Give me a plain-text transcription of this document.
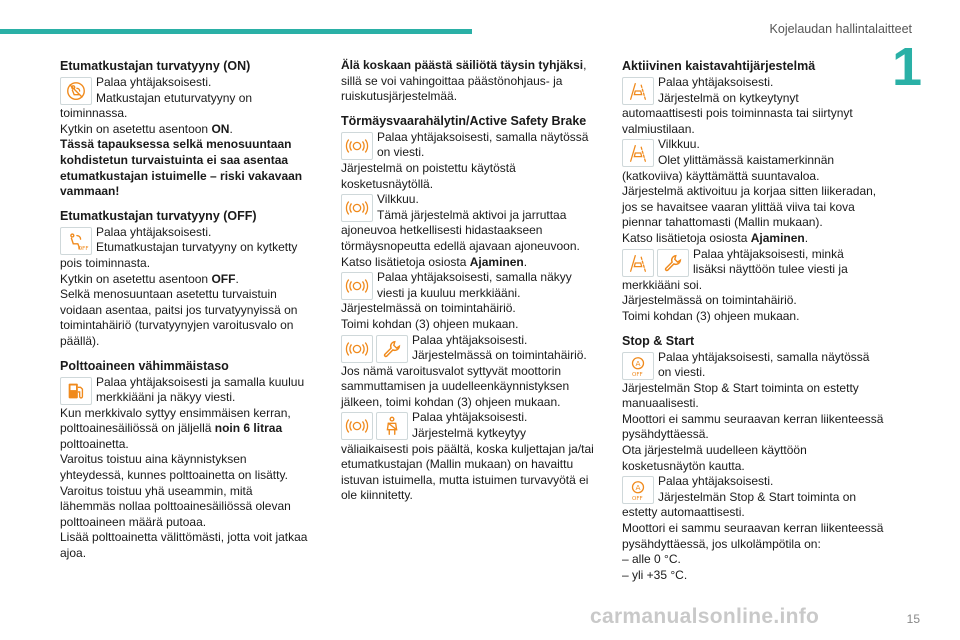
Kojelaudan hallintalaitteet
1
Etumatkustajan turvatyyny (ON)
Palaa yhtäjaksoisesti.
Matkustajan etuturvatyyny on

toiminnassa.

Kytkin on asetettu asentoon ON.

Tässä tapauksessa selkä menosuuntaan kohdistetun turvaistuinta ei saa asentaa etumatkustajan istuimelle – riski vakavaan vammaan!

Etumatkustajan turvatyyny (OFF)
OFF
Palaa yhtäjaksoisesti.
Etumatkustajan turvatyyny on kytketty

pois toiminnasta.

Kytkin on asetettu asentoon OFF.

Selkä menosuuntaan asetettu turvaistuin voidaan asentaa, paitsi jos turvatyynyissä on toimintahäiriö (turvatyynyjen varoitusvalo on päällä).

Polttoaineen vähimmäistaso
Palaa yhtäjaksoisesti ja samalla kuuluu
merkkiääni ja näkyy viesti.

Kun merkkivalo syttyy ensimmäisen kerran, polttoainesäiliössä on jäljellä noin 6 litraa polttoainetta.

Varoitus toistuu aina käynnistyksen yhteydessä, kunnes polttoainetta on lisätty. Varoitus toistuu yhä useammin, mitä lähemmäs nollaa polttoainesäiliössä olevan polttoaineen määrä putoaa.

Lisää polttoainetta välittömästi, jotta voit jatkaa ajoa.

Älä koskaan päästä säiliötä täysin tyhjäksi, sillä se voi vahingoittaa päästönohjaus- ja ruiskutusjärjestelmää.

Törmäysvaarahälytin/Active Safety Brake
Palaa yhtäjaksoisesti, samalla näytössä
on viesti.

Järjestelmä on poistettu käytöstä kosketusnäytöllä.

Vilkkuu.
Tämä järjestelmä aktivoi ja jarruttaa

ajoneuvoa hetkellisesti hidastaakseen törmäysnopeutta edellä ajavaan ajoneuvoon.

Katso lisätietoja osiosta Ajaminen.

Palaa yhtäjaksoisesti, samalla näkyy
viesti ja kuuluu merkkiääni.

Järjestelmässä on toimintahäiriö.

Toimi kohdan (3) ohjeen mukaan.

Palaa yhtäjaksoisesti.
Järjestelmässä on toimintahäiriö.

Jos nämä varoitusvalot syttyvät moottorin sammuttamisen ja uudelleenkäynnistyksen jälkeen, toimi kohdan (3) ohjeen mukaan.

Palaa yhtäjaksoisesti.
Järjestelmä kytkeytyy

väliaikaisesti pois päältä, koska kuljettajan ja/tai etumatkustajan (Mallin mukaan) on havaittu istuvan istuimella, mutta istuimen turvavyötä ei ole kiinnitetty.

Aktiivinen kaistavahtijärjestelmä
Palaa yhtäjaksoisesti.
Järjestelmä on kytkeytynyt

automaattisesti pois toiminnasta tai siirtynyt valmiustilaan.

Vilkkuu.
Olet ylittämässä kaistamerkinnän

(katkoviiva) käyttämättä suuntavaloa.

Järjestelmä aktivoituu ja korjaa sitten liikeradan, jos se havaitsee vaaran ylittää viiva tai kova piennar tahattomasti (Mallin mukaan).

Katso lisätietoja osiosta Ajaminen.

Palaa yhtäjaksoisesti, minkä
lisäksi näyttöön tulee viesti ja

merkkiääni soi.

Järjestelmässä on toimintahäiriö.

Toimi kohdan (3) ohjeen mukaan.

Stop & Start
A
OFF
Palaa yhtäjaksoisesti, samalla näytössä
on viesti.

Järjestelmän Stop & Start toiminta on estetty manuaalisesti.

Moottori ei sammu seuraavan kerran liikenteessä pysähdyttäessä.

Ota järjestelmä uudelleen käyttöön kosketusnäytön kautta.

A
OFF
Palaa yhtäjaksoisesti.
Järjestelmän Stop & Start toiminta on

estetty automaattisesti.

Moottori ei sammu seuraavan kerran liikenteessä pysähdyttäessä, jos ulkolämpötila on:

– alle 0 °C.

– yli +35 °C.

carmanualsonline.info	15
